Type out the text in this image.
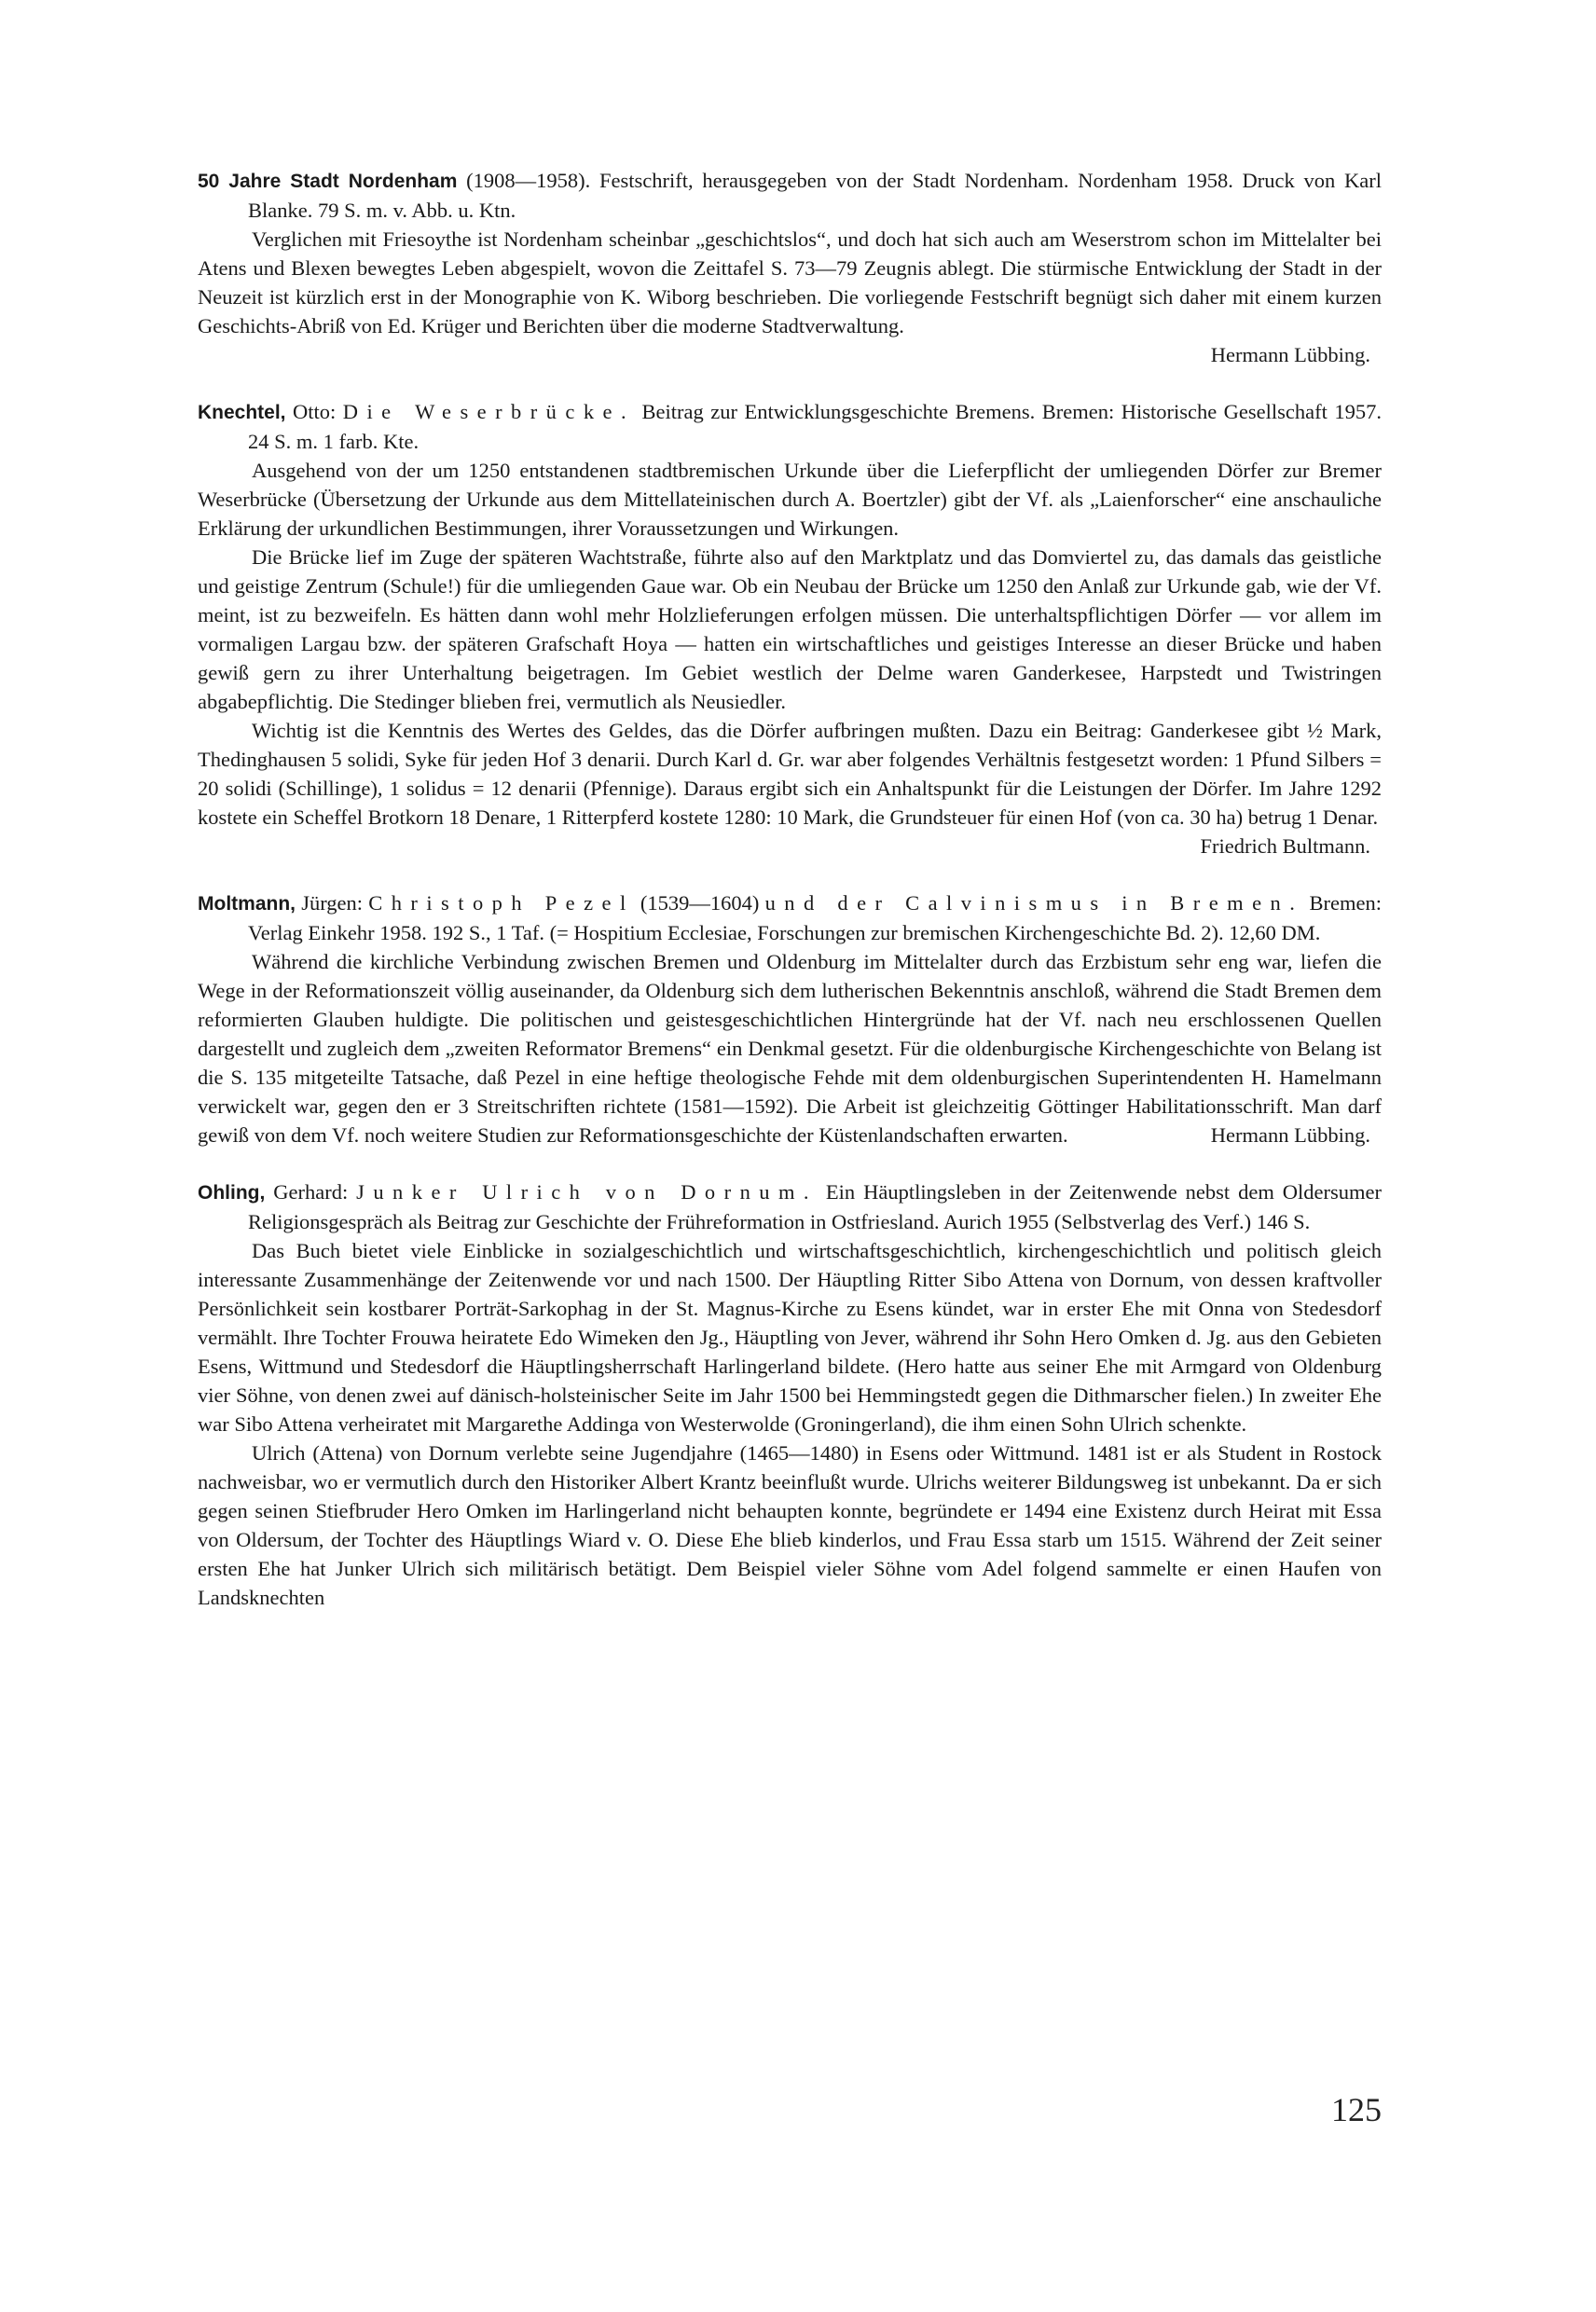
50 Jahre Stadt Nordenham (1908—1958). Festschrift, herausgegeben von der Stadt Nordenham. Nordenham 1958. Druck von Karl Blanke. 79 S. m. v. Abb. u. Ktn.

Verglichen mit Friesoythe ist Nordenham scheinbar „geschichtslos“, und doch hat sich auch am Weserstrom schon im Mittelalter bei Atens und Blexen bewegtes Leben abgespielt, wovon die Zeittafel S. 73—79 Zeugnis ablegt. Die stürmische Entwicklung der Stadt in der Neuzeit ist kürzlich erst in der Monographie von K. Wiborg beschrieben. Die vorliegende Festschrift begnügt sich daher mit einem kurzen Geschichts-Abriß von Ed. Krüger und Berichten über die moderne Stadtverwaltung.

Hermann Lübbing.
Knechtel, Otto: Die Weserbrücke. Beitrag zur Entwicklungsgeschichte Bremens. Bremen: Historische Gesellschaft 1957. 24 S. m. 1 farb. Kte.

Ausgehend von der um 1250 entstandenen stadtbremischen Urkunde über die Lieferpflicht der umliegenden Dörfer zur Bremer Weserbrücke (Übersetzung der Urkunde aus dem Mittellateinischen durch A. Boertzler) gibt der Vf. als „Laienforscher“ eine anschauliche Erklärung der urkundlichen Bestimmungen, ihrer Voraussetzungen und Wirkungen.

Die Brücke lief im Zuge der späteren Wachtstraße, führte also auf den Marktplatz und das Domviertel zu, das damals das geistliche und geistige Zentrum (Schule!) für die umliegenden Gaue war. Ob ein Neubau der Brücke um 1250 den Anlaß zur Urkunde gab, wie der Vf. meint, ist zu bezweifeln. Es hätten dann wohl mehr Holzlieferungen erfolgen müssen. Die unterhaltspflichtigen Dörfer — vor allem im vormaligen Largau bzw. der späteren Grafschaft Hoya — hatten ein wirtschaftliches und geistiges Interesse an dieser Brücke und haben gewiß gern zu ihrer Unterhaltung beigetragen. Im Gebiet westlich der Delme waren Ganderkesee, Harpstedt und Twistringen abgabepflichtig. Die Stedinger blieben frei, vermutlich als Neusiedler.

Wichtig ist die Kenntnis des Wertes des Geldes, das die Dörfer aufbringen mußten. Dazu ein Beitrag: Ganderkesee gibt ½ Mark, Thedinghausen 5 solidi, Syke für jeden Hof 3 denarii. Durch Karl d. Gr. war aber folgendes Verhältnis festgesetzt worden: 1 Pfund Silbers = 20 solidi (Schillinge), 1 solidus = 12 denarii (Pfennige). Daraus ergibt sich ein Anhaltspunkt für die Leistungen der Dörfer. Im Jahre 1292 kostete ein Scheffel Brotkorn 18 Denare, 1 Ritterpferd kostete 1280: 10 Mark, die Grundsteuer für einen Hof (von ca. 30 ha) betrug 1 Denar.

Friedrich Bultmann.
Moltmann, Jürgen: Christoph Pezel (1539—1604) und der Calvinismus in Bremen. Bremen: Verlag Einkehr 1958. 192 S., 1 Taf. (= Hospitium Ecclesiae, Forschungen zur bremischen Kirchengeschichte Bd. 2). 12,60 DM.

Während die kirchliche Verbindung zwischen Bremen und Oldenburg im Mittelalter durch das Erzbistum sehr eng war, liefen die Wege in der Reformationszeit völlig auseinander, da Oldenburg sich dem lutherischen Bekenntnis anschloß, während die Stadt Bremen dem reformierten Glauben huldigte. Die politischen und geistesgeschichtlichen Hintergründe hat der Vf. nach neu erschlossenen Quellen dargestellt und zugleich dem „zweiten Reformator Bremens“ ein Denkmal gesetzt. Für die oldenburgische Kirchengeschichte von Belang ist die S. 135 mitgeteilte Tatsache, daß Pezel in eine heftige theologische Fehde mit dem oldenburgischen Superintendenten H. Hamelmann verwickelt war, gegen den er 3 Streitschriften richtete (1581—1592). Die Arbeit ist gleichzeitig Göttinger Habilitationsschrift. Man darf gewiß von dem Vf. noch weitere Studien zur Reformationsgeschichte der Küstenlandschaften erwarten.	Hermann Lübbing.

Ohling, Gerhard: Junker Ulrich von Dornum. Ein Häuptlingsleben in der Zeitenwende nebst dem Oldersumer Religionsgespräch als Beitrag zur Geschichte der Frühreformation in Ostfriesland. Aurich 1955 (Selbstverlag des Verf.) 146 S.

Das Buch bietet viele Einblicke in sozialgeschichtlich und wirtschaftsgeschichtlich, kirchengeschichtlich und politisch gleich interessante Zusammenhänge der Zeitenwende vor und nach 1500. Der Häuptling Ritter Sibo Attena von Dornum, von dessen kraftvoller Persönlichkeit sein kostbarer Porträt-Sarkophag in der St. Magnus-Kirche zu Esens kündet, war in erster Ehe mit Onna von Stedesdorf vermählt. Ihre Tochter Frouwa heiratete Edo Wimeken den Jg., Häuptling von Jever, während ihr Sohn Hero Omken d. Jg. aus den Gebieten Esens, Wittmund und Stedesdorf die Häuptlingsherrschaft Harlingerland bildete. (Hero hatte aus seiner Ehe mit Armgard von Oldenburg vier Söhne, von denen zwei auf dänisch-holsteinischer Seite im Jahr 1500 bei Hemmingstedt gegen die Dithmarscher fielen.) In zweiter Ehe war Sibo Attena verheiratet mit Margarethe Addinga von Westerwolde (Groningerland), die ihm einen Sohn Ulrich schenkte.

Ulrich (Attena) von Dornum verlebte seine Jugendjahre (1465—1480) in Esens oder Wittmund. 1481 ist er als Student in Rostock nachweisbar, wo er vermutlich durch den Historiker Albert Krantz beeinflußt wurde. Ulrichs weiterer Bildungsweg ist unbekannt. Da er sich gegen seinen Stiefbruder Hero Omken im Harlingerland nicht behaupten konnte, begründete er 1494 eine Existenz durch Heirat mit Essa von Oldersum, der Tochter des Häuptlings Wiard v. O. Diese Ehe blieb kinderlos, und Frau Essa starb um 1515. Während der Zeit seiner ersten Ehe hat Junker Ulrich sich militärisch betätigt. Dem Beispiel vieler Söhne vom Adel folgend sammelte er einen Haufen von Landsknechten

125
